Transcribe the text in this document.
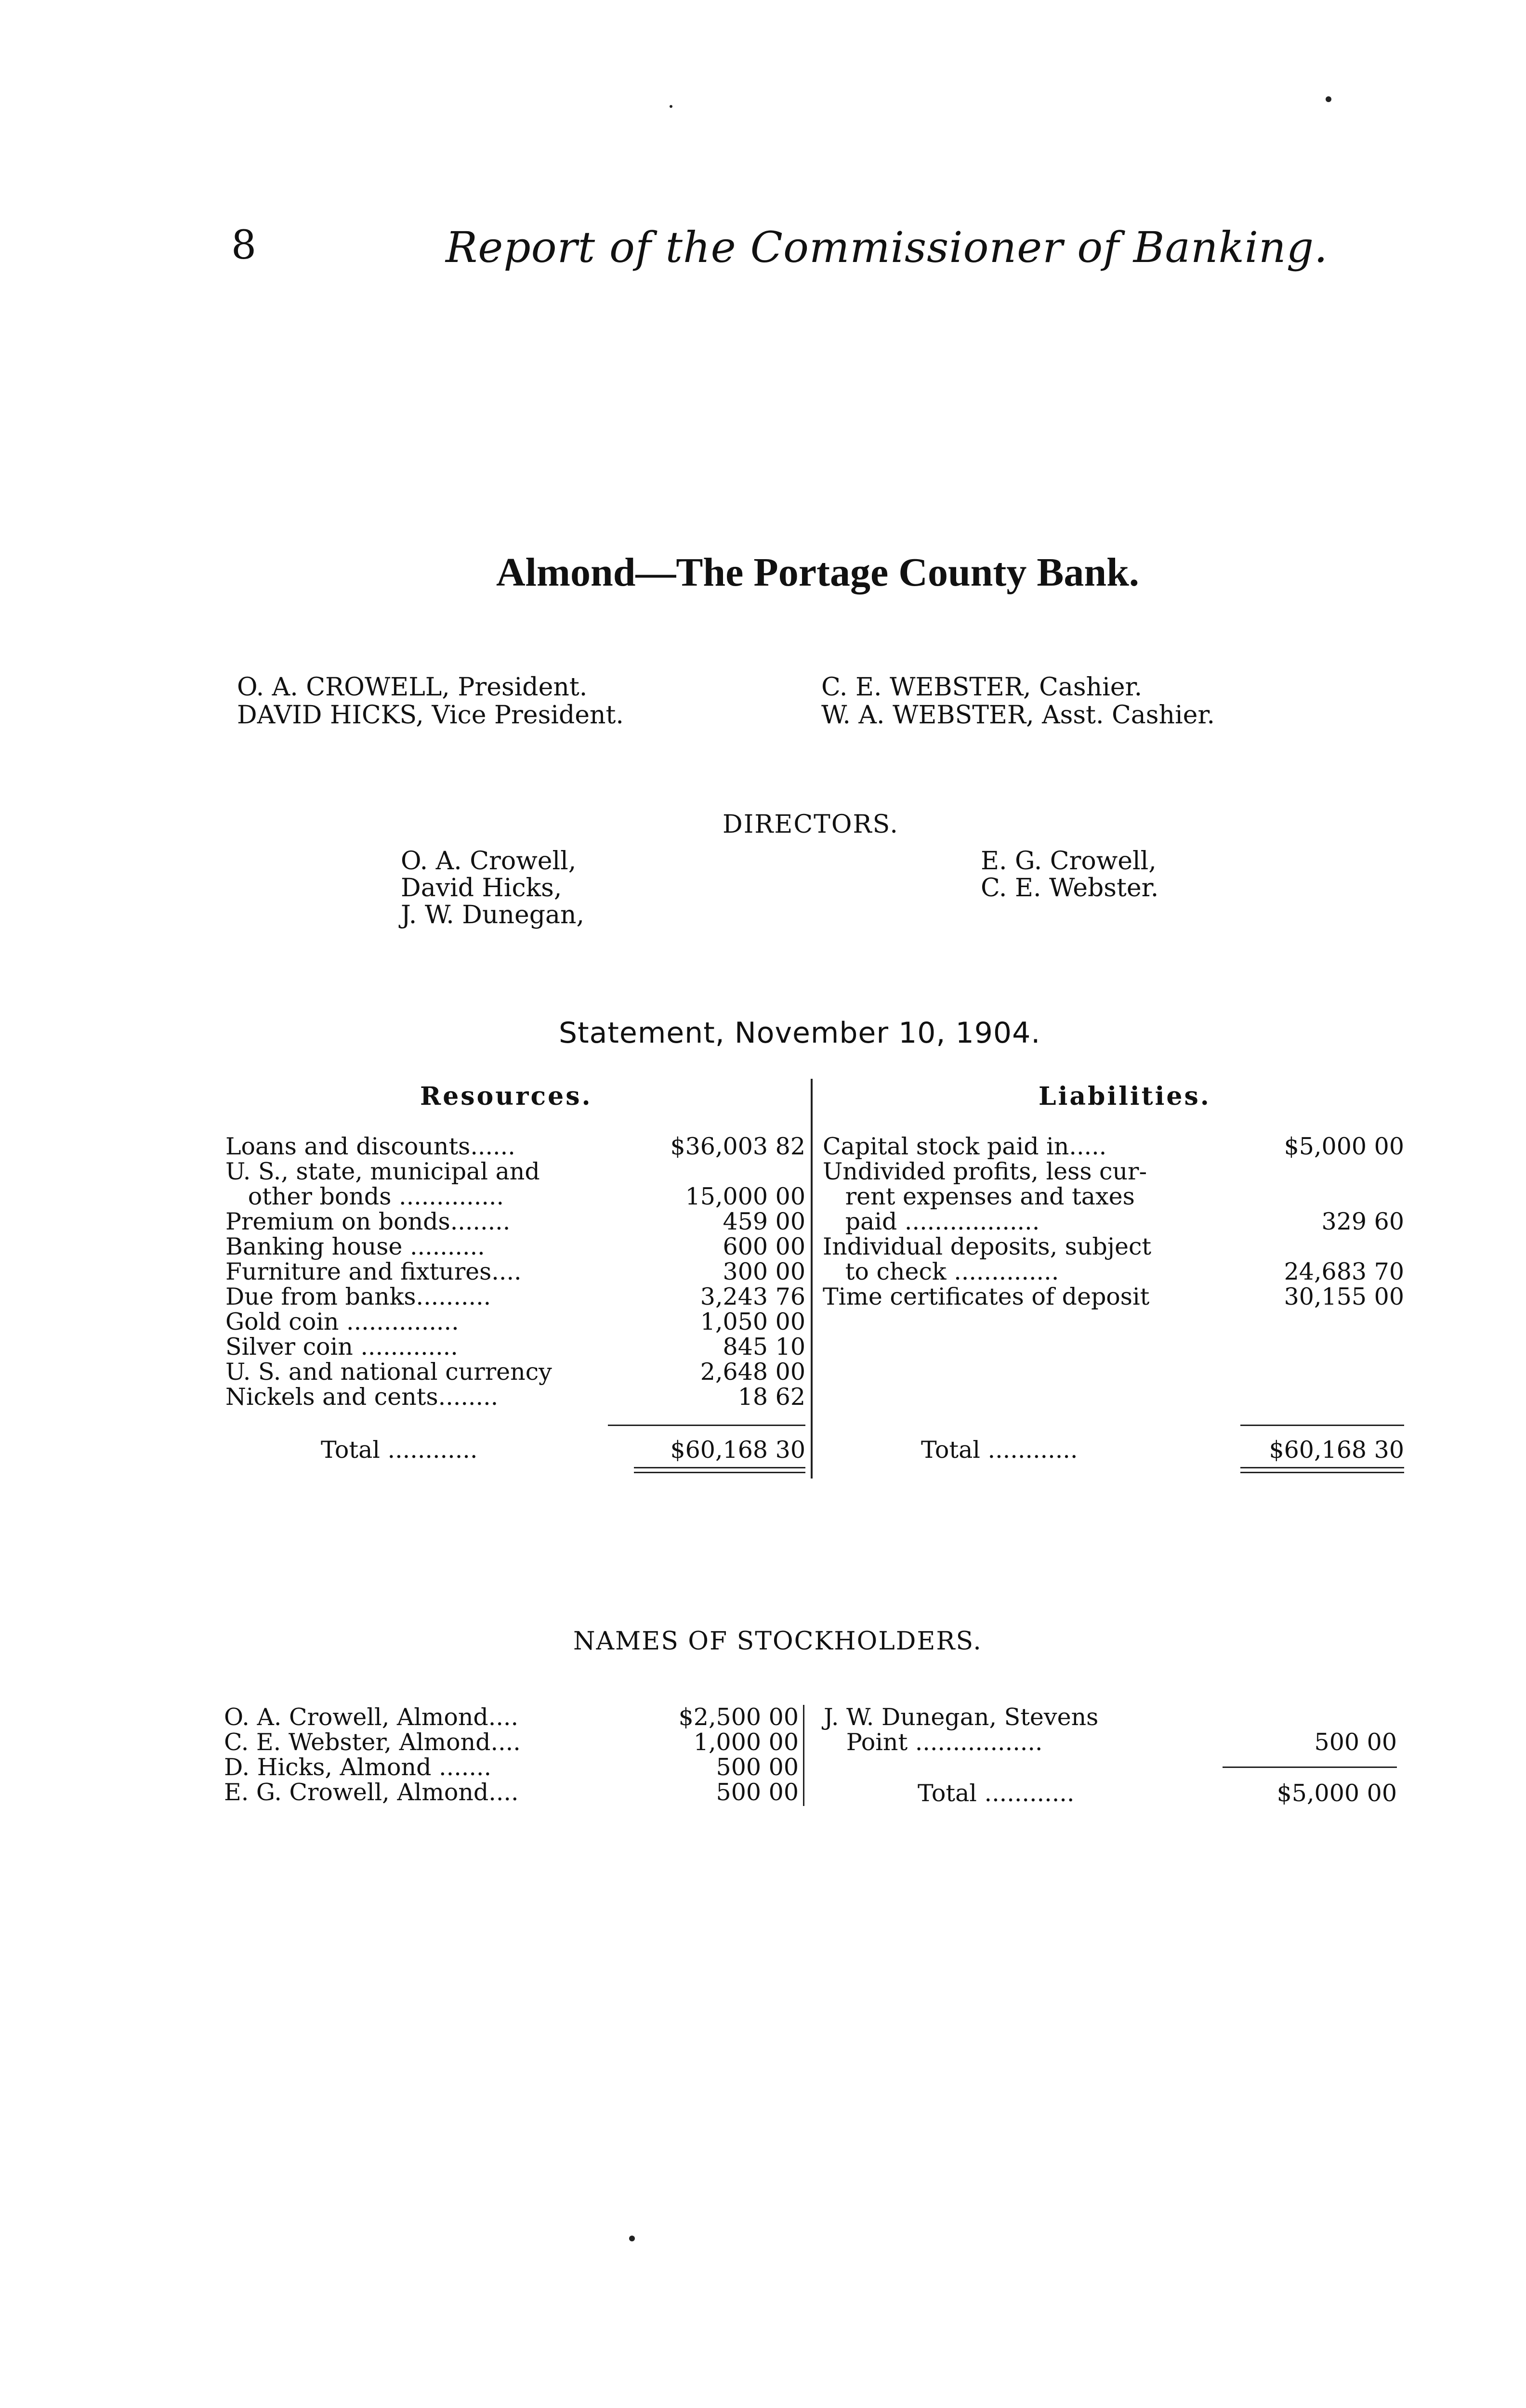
8	Report of the Commissioner of Banking.
Almond—The Portage County Bank.
O. A. CROWELL, President.
DAVID HICKS, Vice President.
C. E. WEBSTER, Cashier.
W. A. WEBSTER, Asst. Cashier.
DIRECTORS.
O. A. Crowell,
David Hicks,
J. W. Dunegan,
E. G. Crowell,
C. E. Webster.
Statement, November 10, 1904.
Resources.	Liabilities.
Loans and discounts......	$36,003 82
U. S., state, municipal and
other bonds ..............	15,000 00
Premium on bonds........	459 00
Banking house ..........	600 00
Furniture and fixtures....	300 00
Due from banks..........	3,243 76
Gold coin ...............	1,050 00
Silver coin .............	845 10
U. S. and national currency	2,648 00
Nickels and cents........	18 62
Total ............	$60,168 30
Capital stock paid in.....	$5,000 00
Undivided profits, less cur-
rent expenses and taxes
paid ..................	329 60
Individual deposits, subject
to check ..............	24,683 70
Time certificates of deposit	30,155 00
Total ............	$60,168 30
NAMES OF STOCKHOLDERS.
O. A. Crowell, Almond....	$2,500 00
C. E. Webster, Almond....	1,000 00
D. Hicks, Almond .......	500 00
E. G. Crowell, Almond....	500 00
J. W. Dunegan, Stevens
Point .................	500 00
Total ............	$5,000 00
